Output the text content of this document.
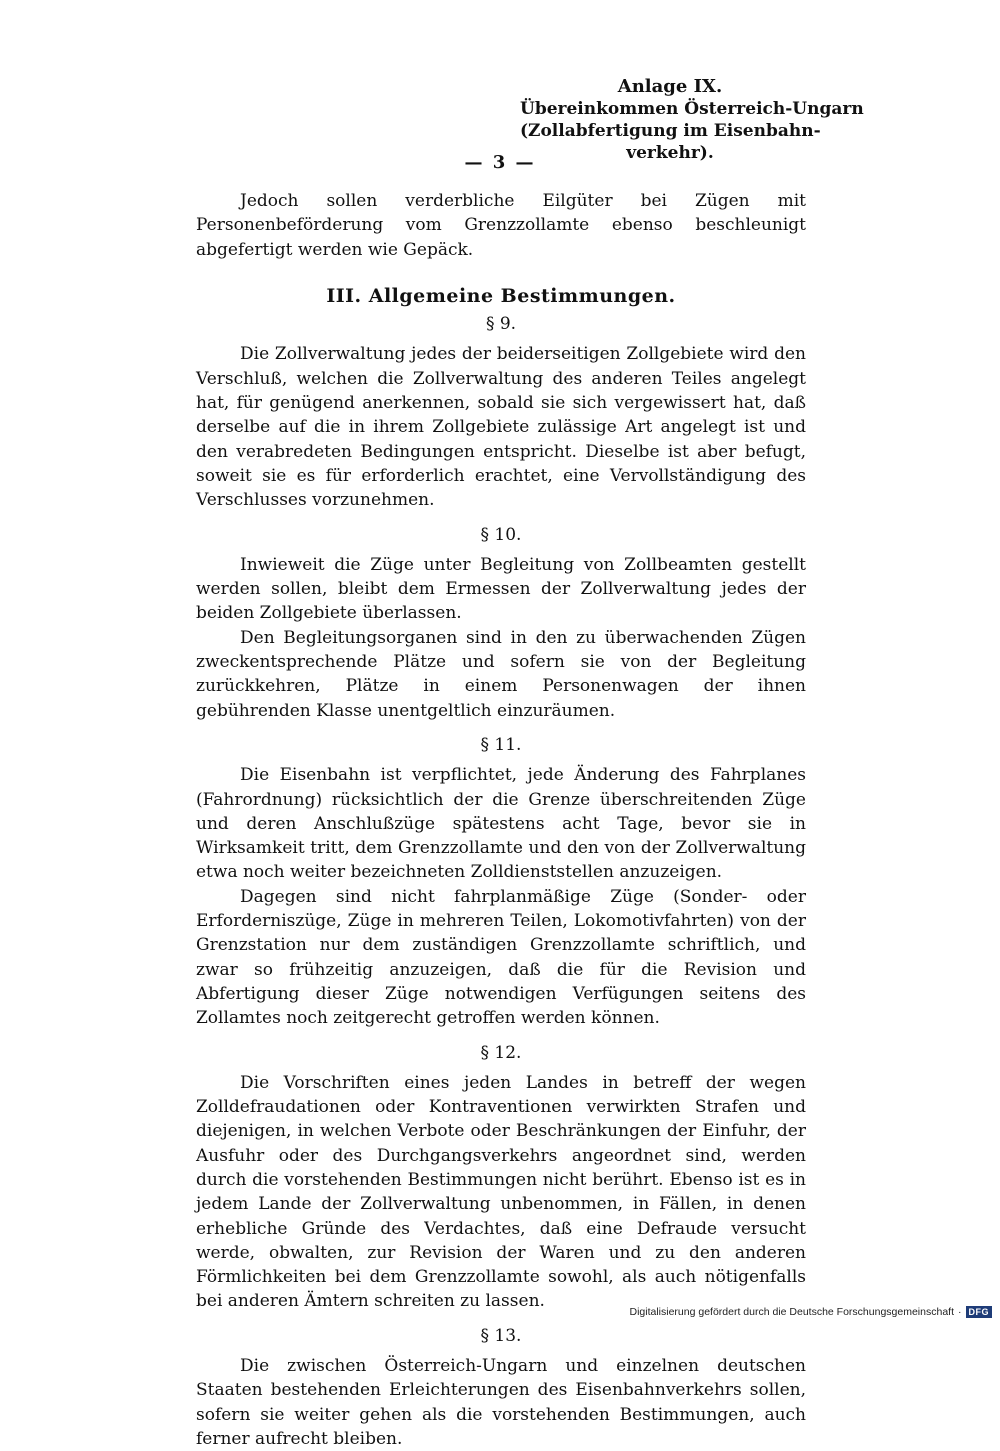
Anlage IX.
Übereinkommen Österreich-Ungarn
(Zollabfertigung im Eisenbahn-
verkehr).
— 3 —

Jedoch sollen verderbliche Eilgüter bei Zügen mit Personenbeförderung vom Grenzzollamte ebenso beschleunigt abgefertigt werden wie Gepäck.

III. Allgemeine Bestimmungen.
§ 9.

Die Zollverwaltung jedes der beiderseitigen Zollgebiete wird den Verschluß, welchen die Zollverwaltung des anderen Teiles angelegt hat, für genügend anerkennen, sobald sie sich vergewissert hat, daß derselbe auf die in ihrem Zollgebiete zulässige Art angelegt ist und den verabredeten Bedingungen entspricht. Dieselbe ist aber befugt, soweit sie es für erforderlich erachtet, eine Vervollständigung des Verschlusses vorzunehmen.

§ 10.

Inwieweit die Züge unter Begleitung von Zollbeamten gestellt werden sollen, bleibt dem Ermessen der Zollverwaltung jedes der beiden Zollgebiete überlassen.

Den Begleitungsorganen sind in den zu überwachenden Zügen zweckentsprechende Plätze und sofern sie von der Begleitung zurückkehren, Plätze in einem Personenwagen der ihnen gebührenden Klasse unentgeltlich einzuräumen.

§ 11.

Die Eisenbahn ist verpflichtet, jede Änderung des Fahrplanes (Fahrordnung) rücksichtlich der die Grenze überschreitenden Züge und deren Anschlußzüge spätestens acht Tage, bevor sie in Wirksamkeit tritt, dem Grenzzollamte und den von der Zollverwaltung etwa noch weiter bezeichneten Zolldienststellen anzuzeigen.

Dagegen sind nicht fahrplanmäßige Züge (Sonder- oder Erforderniszüge, Züge in mehreren Teilen, Lokomotivfahrten) von der Grenzstation nur dem zuständigen Grenzzollamte schriftlich, und zwar so frühzeitig anzuzeigen, daß die für die Revision und Abfertigung dieser Züge notwendigen Verfügungen seitens des Zollamtes noch zeitgerecht getroffen werden können.

§ 12.

Die Vorschriften eines jeden Landes in betreff der wegen Zolldefraudationen oder Kontraventionen verwirkten Strafen und diejenigen, in welchen Verbote oder Beschränkungen der Einfuhr, der Ausfuhr oder des Durchgangsverkehrs angeordnet sind, werden durch die vorstehenden Bestimmungen nicht berührt. Ebenso ist es in jedem Lande der Zollverwaltung unbenommen, in Fällen, in denen erhebliche Gründe des Verdachtes, daß eine Defraude versucht werde, obwalten, zur Revision der Waren und zu den anderen Förmlichkeiten bei dem Grenzzollamte sowohl, als auch nötigenfalls bei anderen Ämtern schreiten zu lassen.

§ 13.

Die zwischen Österreich-Ungarn und einzelnen deutschen Staaten bestehenden Erleichterungen des Eisenbahnverkehrs sollen, sofern sie weiter gehen als die vorstehenden Bestimmungen, auch ferner aufrecht bleiben.

Digitalisierung gefördert durch die Deutsche Forschungsgemeinschaft · DFG
